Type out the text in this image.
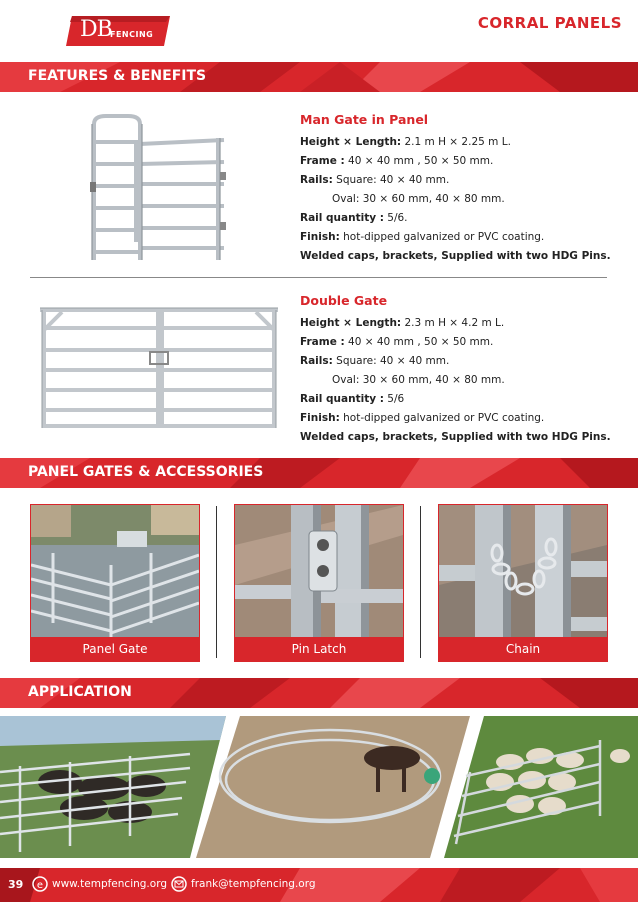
DB
FENCING
CORRAL PANELS
FEATURES & BENEFITS
Man Gate in Panel
Height × Length: 2.1 m H × 2.25 m L.
Frame : 40 × 40 mm , 50 × 50 mm.
Rails: Square: 40 × 40 mm.
Oval: 30 × 60 mm, 40 × 80 mm.
Rail quantity : 5/6.
Finish: hot-dipped galvanized or PVC coating.
Welded caps, brackets, Supplied with two HDG Pins.
Double Gate
Height × Length: 2.3 m H × 4.2 m L.
Frame : 40 × 40 mm , 50 × 50 mm.
Rails: Square: 40 × 40 mm.
Oval: 30 × 60 mm, 40 × 80 mm.
Rail quantity : 5/6
Finish: hot-dipped galvanized or PVC coating.
Welded caps, brackets, Supplied with two HDG Pins.
PANEL GATES & ACCESSORIES
Panel Gate	Pin Latch	Chain
APPLICATION
39 e www.tempfencing.org frank@tempfencing.org
